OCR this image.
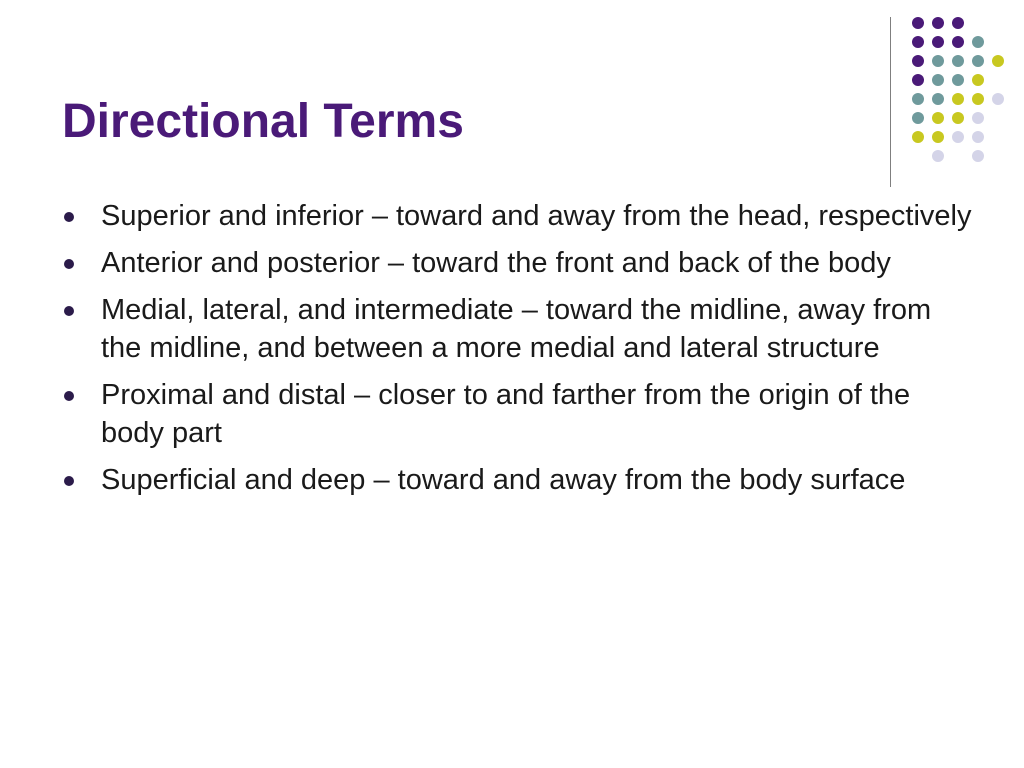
Directional Terms
Superior and inferior – toward and away from the head, respectively
Anterior and posterior – toward the front and back of the body
Medial, lateral, and intermediate – toward the midline, away from the midline, and between a more medial and lateral structure
Proximal and distal – closer to and farther from the origin of the body part
Superficial and deep – toward and away from the body surface
